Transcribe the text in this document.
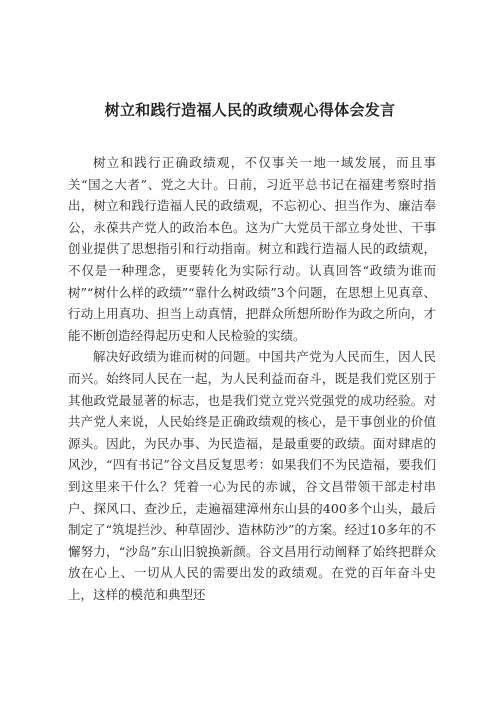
树立和践行造福人民的政绩观心得体会发言

树立和践行正确政绩观，不仅事关一地一域发展，而且事关“国之大者”、党之大计。日前，习近平总书记在福建考察时指出，树立和践行造福人民的政绩观，不忘初心、担当作为、廉洁奉公，永葆共产党人的政治本色。这为广大党员干部立身处世、干事创业提供了思想指引和行动指南。树立和践行造福人民的政绩观，不仅是一种理念，更要转化为实际行动。认真回答“政绩为谁而树”“树什么样的政绩”“靠什么树政绩”3个问题，在思想上见真章、行动上用真功、担当上动真情，把群众所想所盼作为政之所向，才能不断创造经得起历史和人民检验的实绩。

解决好政绩为谁而树的问题。中国共产党为人民而生，因人民而兴。始终同人民在一起，为人民利益而奋斗，既是我们党区别于其他政党最显著的标志，也是我们党立党兴党强党的成功经验。对共产党人来说，人民始终是正确政绩观的核心，是干事创业的价值源头。因此，为民办事、为民造福，是最重要的政绩。面对肆虐的风沙，“四有书记”谷文昌反复思考：如果我们不为民造福，要我们到这里来干什么？凭着一心为民的赤诚，谷文昌带领干部走村串户、探风口、查沙丘，走遍福建漳州东山县的400多个山头，最后制定了“筑堤拦沙、种草固沙、造林防沙”的方案。经过10多年的不懈努力，“沙岛”东山旧貌换新颜。谷文昌用行动阐释了始终把群众放在心上、一切从人民的需要出发的政绩观。在党的百年奋斗史上，这样的模范和典型还
